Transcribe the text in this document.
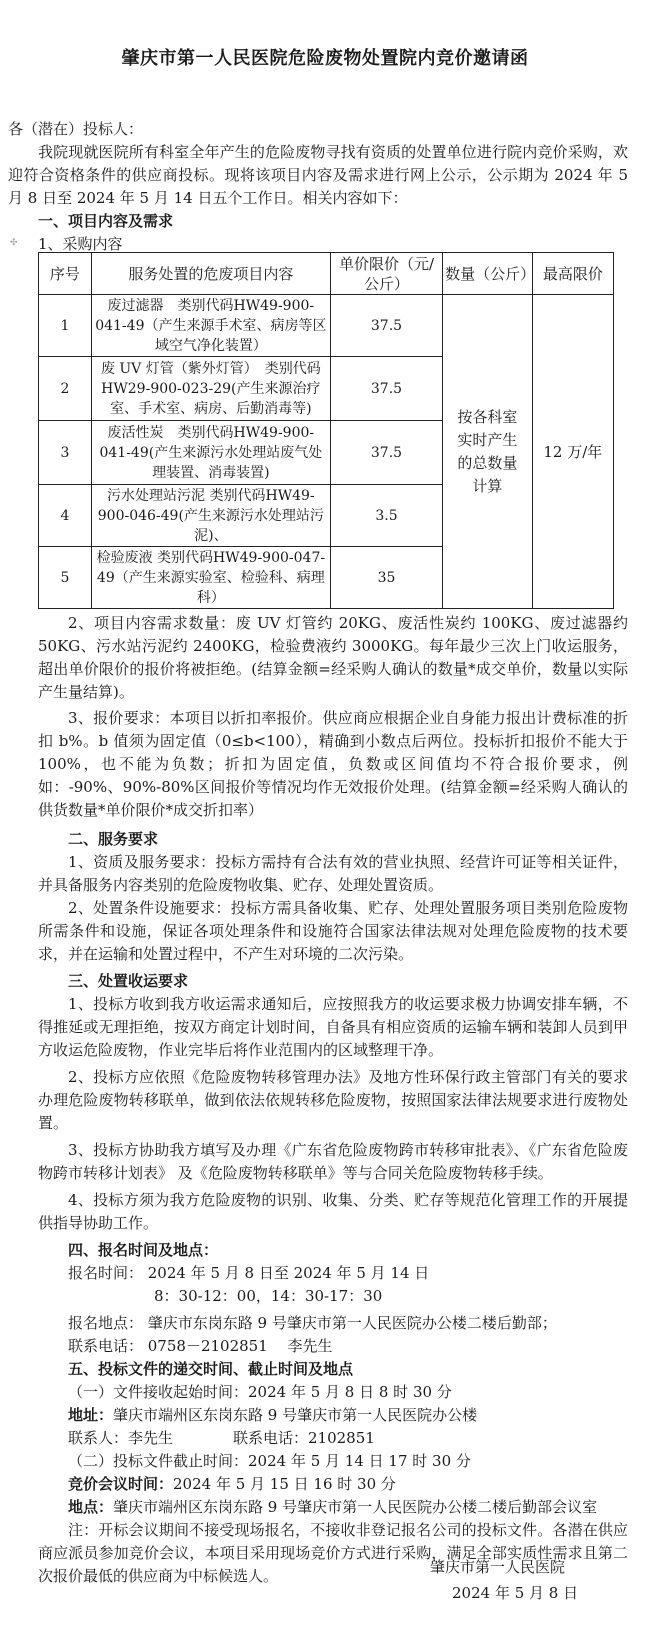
肇庆市第一人民医院危险废物处置院内竞价邀请函

各（潜在）投标人：

我院现就医院所有科室全年产生的危险废物寻找有资质的处置单位进行院内竞价采购，欢迎符合资格条件的供应商投标。现将该项目内容及需求进行网上公示，公示期为 2024 年 5 月 8 日至 2024 年 5 月 14 日五个工作日。相关内容如下：

一、项目内容及需求

1、采购内容

✣
序号	服务处置的危废项目内容	单价限价（元/公斤）	数量（公斤）	最高限价
1	废过滤器　类别代码HW49-900-041-49（产生来源手术室、病房等区域空气净化装置）	37.5	按各科室实时产生的总数量计算	12 万/年
2	废 UV 灯管（紫外灯管）　类别代码HW29-900-023-29(产生来源治疗室、手术室、病房、后勤消毒等)	37.5		
3	废活性炭　类别代码HW49-900-041-49(产生来源污水处理站废气处理装置、消毒装置)	37.5		
4	污水处理站污泥 类别代码HW49-900-046-49(产生来源污水处理站污泥)、	3.5		
5	检验废液 类别代码HW49-900-047-49（产生来源实验室、检验科、病理科）	35		

2、项目内容需求数量：废 UV 灯管约 20KG、废活性炭约 100KG、废过滤器约 50KG、污水站污泥约 2400KG，检验费液约 3000KG。每年最少三次上门收运服务，超出单价限价的报价将被拒绝。(结算金额=经采购人确认的数量*成交单价，数量以实际产生量结算)。

3、报价要求：本项目以折扣率报价。供应商应根据企业自身能力报出计费标准的折扣 b%。b 值须为固定值（0≤b<100），精确到小数点后两位。投标折扣报价不能大于 100%，也不能为负数；折扣为固定值，负数或区间值均不符合报价要求，例如：-90%、90%-80%区间报价等情况均作无效报价处理。(结算金额=经采购人确认的供货数量*单价限价*成交折扣率）

二、服务要求

1、资质及服务要求：投标方需持有合法有效的营业执照、经营许可证等相关证件，并具备服务内容类别的危险废物收集、贮存、处理处置资质。

2、处置条件设施要求：投标方需具备收集、贮存、处理处置服务项目类别危险废物所需条件和设施，保证各项处理条件和设施符合国家法律法规对处理危险废物的技术要求，并在运输和处置过程中，不产生对环境的二次污染。

三、处置收运要求

1、投标方收到我方收运需求通知后，应按照我方的收运要求极力协调安排车辆，不得推延或无理拒绝，按双方商定计划时间，自备具有相应资质的运输车辆和装卸人员到甲方收运危险废物，作业完毕后将作业范围内的区域整理干净。

2、投标方应依照《危险废物转移管理办法》及地方性环保行政主管部门有关的要求办理危险废物转移联单，做到依法依规转移危险废物，按照国家法律法规要求进行废物处置。

3、投标方协助我方填写及办理《广东省危险废物跨市转移审批表》、《广东省危险废物跨市转移计划表》 及《危险废物转移联单》等与合同关危险废物转移手续。

4、投标方须为我方危险废物的识别、收集、分类、贮存等规范化管理工作的开展提供指导协助工作。

四、报名时间及地点：

报名时间： 2024 年 5 月 8 日至 2024 年 5 月 14 日

8：30-12：00，14：30-17：30

报名地点： 肇庆市东岗东路 9 号肇庆市第一人民医院办公楼二楼后勤部；

联系电话： 0758－2102851　 李先生

五、投标文件的递交时间、截止时间及地点

（一）文件接收起始时间：2024 年 5 月 8 日 8 时 30 分

地址：肇庆市端州区东岗东路 9 号肇庆市第一人民医院办公楼

联系人：李先生　　　　联系电话：2102851

（二）投标文件截止时间：2024 年 5 月 14 日 17 时 30 分

竞价会议时间：2024 年 5 月 15 日 16 时 30 分

地点：肇庆市端州区东岗东路 9 号肇庆市第一人民医院办公楼二楼后勤部会议室

注：开标会议期间不接受现场报名，不接收非登记报名公司的投标文件。各潜在供应商应派员参加竞价会议，本项目采用现场竞价方式进行采购，满足全部实质性需求且第二次报价最低的供应商为中标候选人。	肇庆市第一人民医院

2024 年 5 月 8 日
